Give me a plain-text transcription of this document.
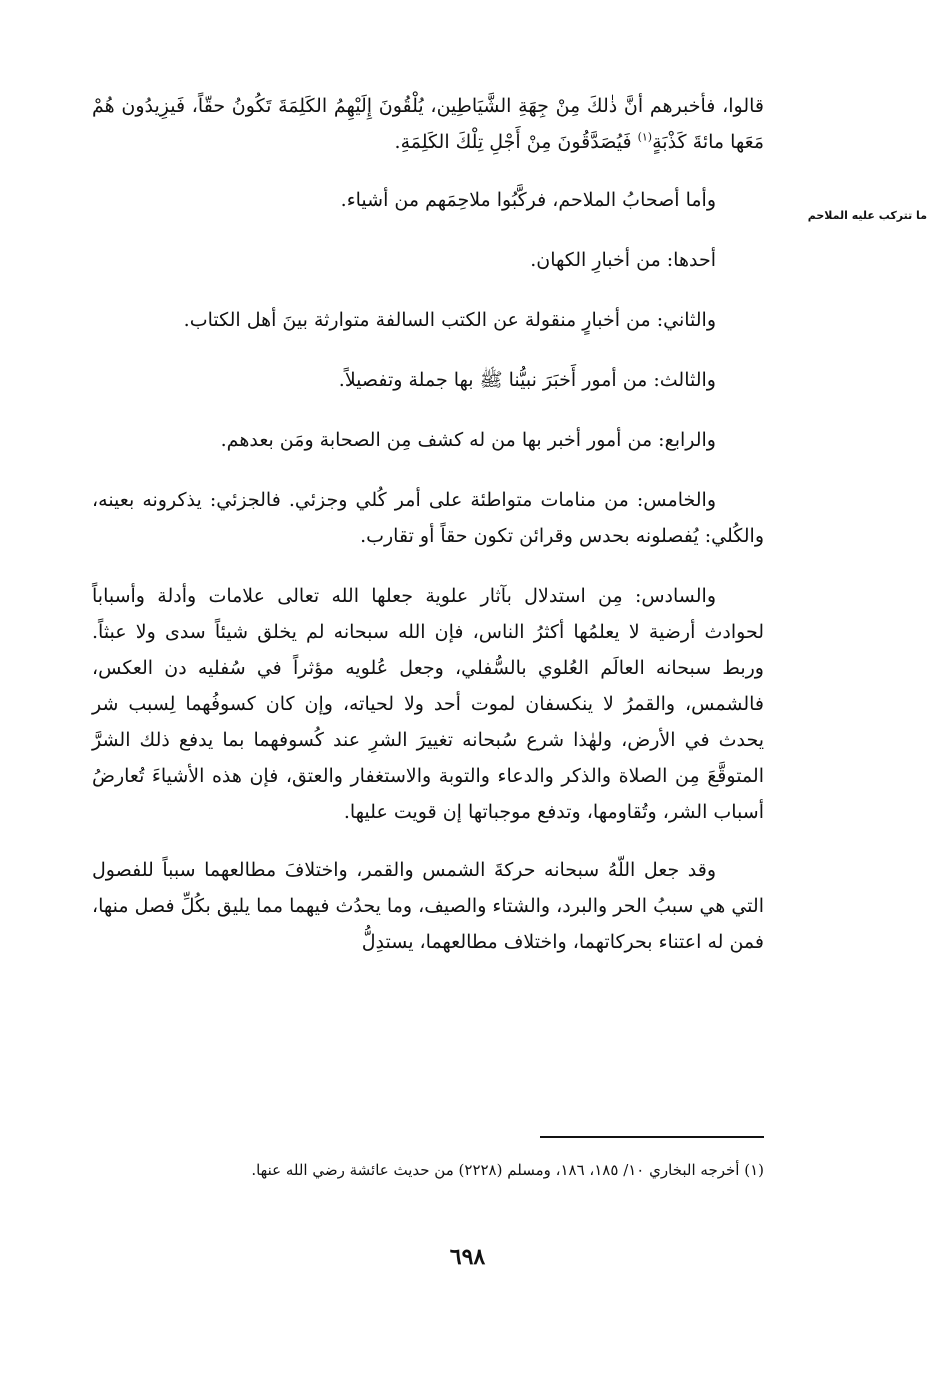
ما تتركب عليه الملاحم

قالوا، فأخبرهم أنَّ ذٰلكَ مِنْ جِهَةِ الشَّيَاطِين، يُلْقُونَ إِلَيْهِمُ الكَلِمَةَ تَكُونُ حقّاً، فَيزِيدُون هُمْ مَعَها مائةَ كَذْبَةٍ$^{(١)}$ فَيُصَدَّقُونَ مِنْ أَجْلِ تِلْكَ الكَلِمَةِ.

وأما أصحابُ الملاحم، فركَّبُوا ملاحِمَهم من أشياء.

أحدها: من أخبارِ الكهان.

والثاني: من أخبارٍ منقولة عن الكتب السالفة متوارثة بينَ أهل الكتاب.

والثالث: من أمور أَخبَرَ نبيُّنا ﷺ بها جملة وتفصيلاً.

والرابع: من أمور أخبر بها من له كشف مِن الصحابة ومَن بعدهم.

والخامس: من منامات متواطئة على أمر كُلي وجزئي. فالجزئي: يذكرونه بعينه، والكُلي: يُفصلونه بحدس وقرائن تكون حقاً أو تقارب.

والسادس: مِن استدلال بآثار علوية جعلها الله تعالى علامات وأدلة وأسباباً لحوادث أرضية لا يعلمُها أكثرُ الناس، فإن الله سبحانه لم يخلق شيئاً سدى ولا عبثاً. وربط سبحانه العالَم العُلوي بالسُّفلي، وجعل عُلويه مؤثراً في سُفليه دن العكس، فالشمس، والقمرُ لا ينكسفان لموت أحد ولا لحياته، وإن كان كسوفُهما لِسبب شر يحدث في الأرض، ولهٰذا شرع سُبحانه تغييرَ الشرِ عند كُسوفهما بما يدفع ذلك الشرَّ المتوقَّعَ مِن الصلاة والذكر والدعاء والتوبة والاستغفار والعتق، فإن هذه الأشياءَ تُعارضُ أسباب الشر، وتُقاومها، وتدفع موجباتها إن قويت عليها.

وقد جعل اللّهُ سبحانه حركةَ الشمس والقمر، واختلافَ مطالعهما سبباً للفصول التي هي سببُ الحر والبرد، والشتاء والصيف، وما يحدُث فيهما مما يليق بكُلِّ فصل منها، فمن له اعتناء بحركاتهما، واختلاف مطالعهما، يستدِلُّ

(١) أخرجه البخاري ١٠/ ١٨٥، ١٨٦، ومسلم (٢٢٢٨) من حديث عائشة رضي الله عنها.
٦٩٨
